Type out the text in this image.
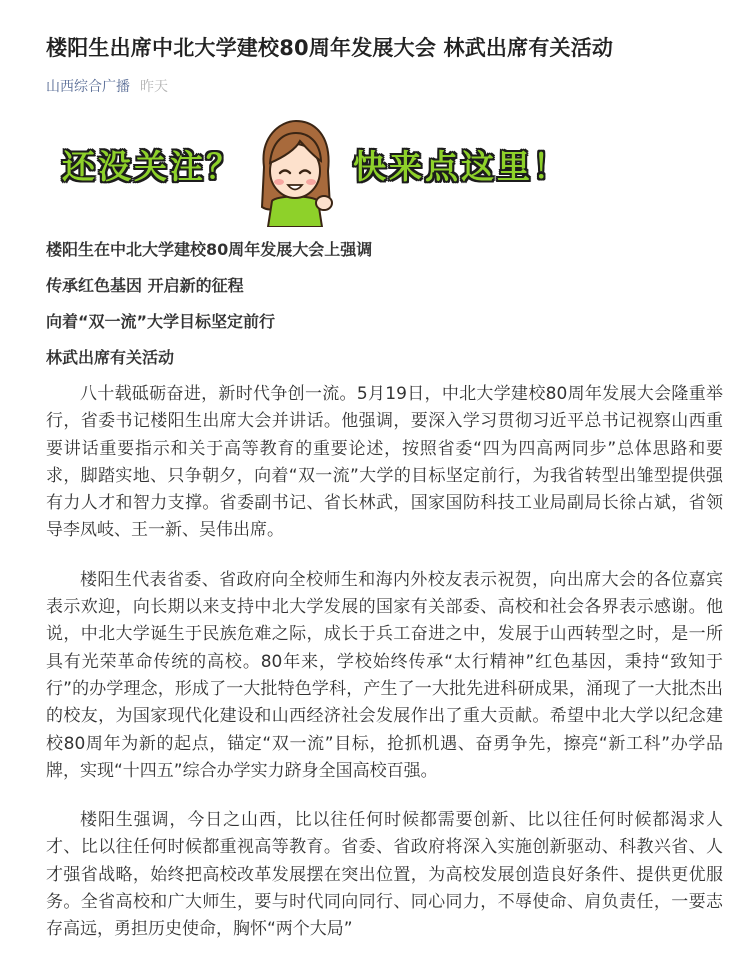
楼阳生出席中北大学建校80周年发展大会 林武出席有关活动
山西综合广播 昨天
还没关注？	快来点这里！

楼阳生在中北大学建校80周年发展大会上强调

传承红色基因 开启新的征程

向着“双一流”大学目标坚定前行

林武出席有关活动

八十载砥砺奋进，新时代争创一流。5月19日，中北大学建校80周年发展大会隆重举行，省委书记楼阳生出席大会并讲话。他强调，要深入学习贯彻习近平总书记视察山西重要讲话重要指示和关于高等教育的重要论述，按照省委“四为四高两同步”总体思路和要求，脚踏实地、只争朝夕，向着“双一流”大学的目标坚定前行，为我省转型出雏型提供强有力人才和智力支撑。省委副书记、省长林武，国家国防科技工业局副局长徐占斌，省领导李凤岐、王一新、吴伟出席。

楼阳生代表省委、省政府向全校师生和海内外校友表示祝贺，向出席大会的各位嘉宾表示欢迎，向长期以来支持中北大学发展的国家有关部委、高校和社会各界表示感谢。他说，中北大学诞生于民族危难之际，成长于兵工奋进之中，发展于山西转型之时，是一所具有光荣革命传统的高校。80年来，学校始终传承“太行精神”红色基因，秉持“致知于行”的办学理念，形成了一大批特色学科，产生了一大批先进科研成果，涌现了一大批杰出的校友，为国家现代化建设和山西经济社会发展作出了重大贡献。希望中北大学以纪念建校80周年为新的起点，锚定“双一流”目标，抢抓机遇、奋勇争先，擦亮“新工科”办学品牌，实现“十四五”综合办学实力跻身全国高校百强。

楼阳生强调，今日之山西，比以往任何时候都需要创新、比以往任何时候都渴求人才、比以往任何时候都重视高等教育。省委、省政府将深入实施创新驱动、科教兴省、人才强省战略，始终把高校改革发展摆在突出位置，为高校发展创造良好条件、提供更优服务。全省高校和广大师生，要与时代同向同行、同心同力，不辱使命、肩负责任，一要志存高远，勇担历史使命，胸怀“两个大局”
